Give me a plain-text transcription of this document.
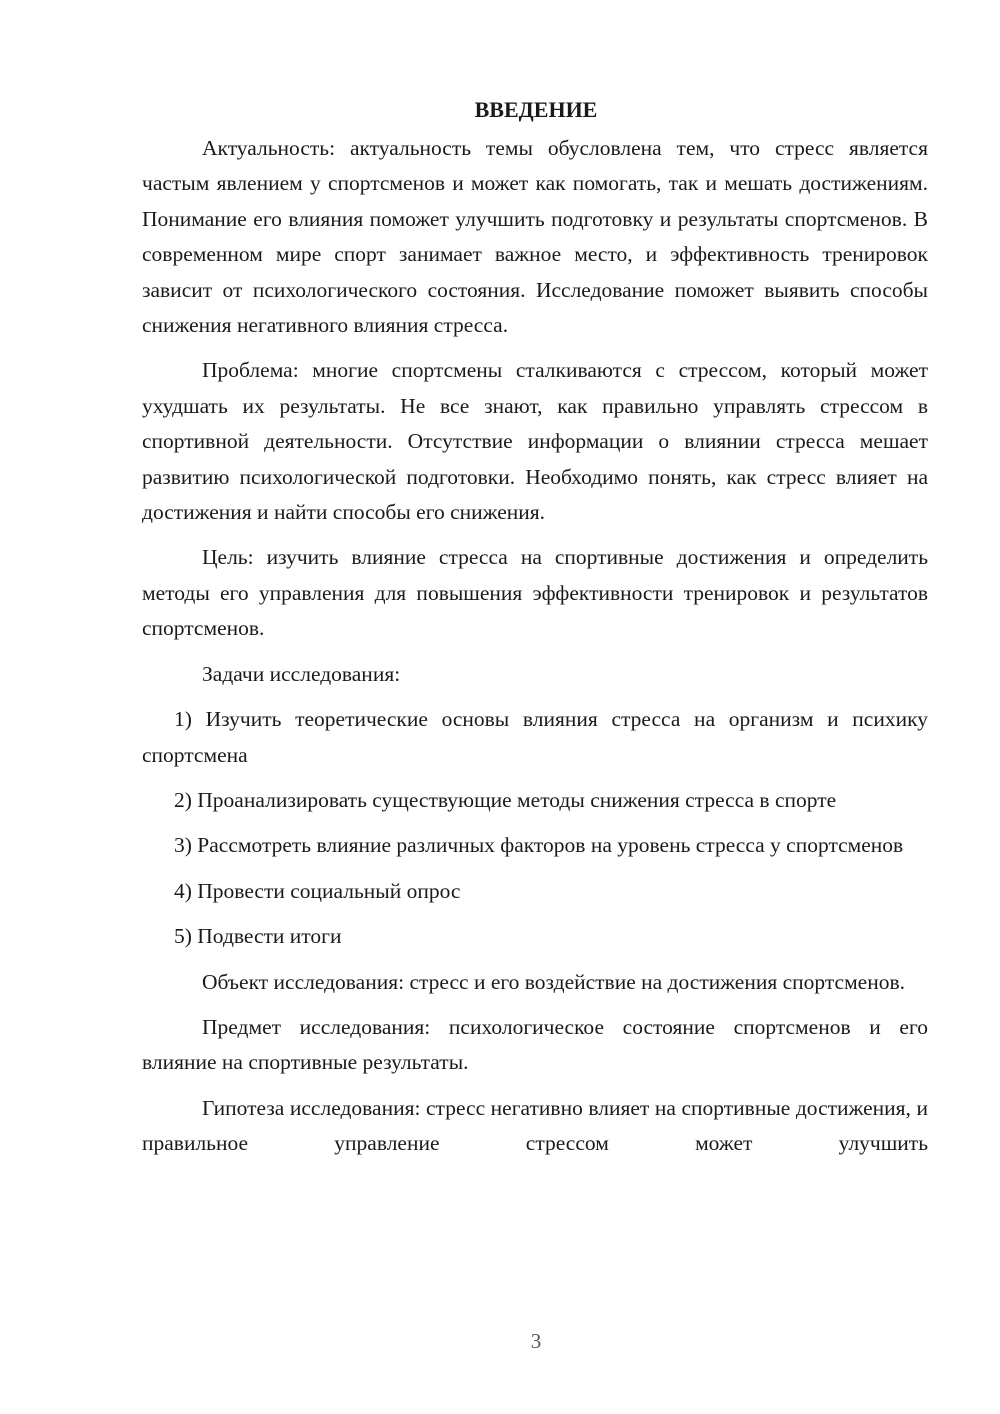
ВВЕДЕНИЕ

Актуальность: актуальность темы обусловлена тем, что стресс является частым явлением у спортсменов и может как помогать, так и мешать достижениям. Понимание его влияния поможет улучшить подготовку и результаты спортсменов. В современном мире спорт занимает важное место, и эффективность тренировок зависит от психологического состояния. Исследование поможет выявить способы снижения негативного влияния стресса.

Проблема: многие спортсмены сталкиваются с стрессом, который может ухудшать их результаты. Не все знают, как правильно управлять стрессом в спортивной деятельности. Отсутствие информации о влиянии стресса мешает развитию психологической подготовки. Необходимо понять, как стресс влияет на достижения и найти способы его снижения.

Цель: изучить влияние стресса на спортивные достижения и определить методы его управления для повышения эффективности тренировок и результатов спортсменов.

Задачи исследования:

1) Изучить теоретические основы влияния стресса на организм и психику спортсмена

2) Проанализировать существующие методы снижения стресса в спорте

3) Рассмотреть влияние различных факторов на уровень стресса у спортсменов

4) Провести социальный опрос

5) Подвести итоги

Объект исследования: стресс и его воздействие на достижения спортсменов.

Предмет исследования: психологическое состояние спортсменов и его влияние на спортивные результаты.

Гипотеза исследования: стресс негативно влияет на спортивные достижения, и правильное управление стрессом может улучшить

3
